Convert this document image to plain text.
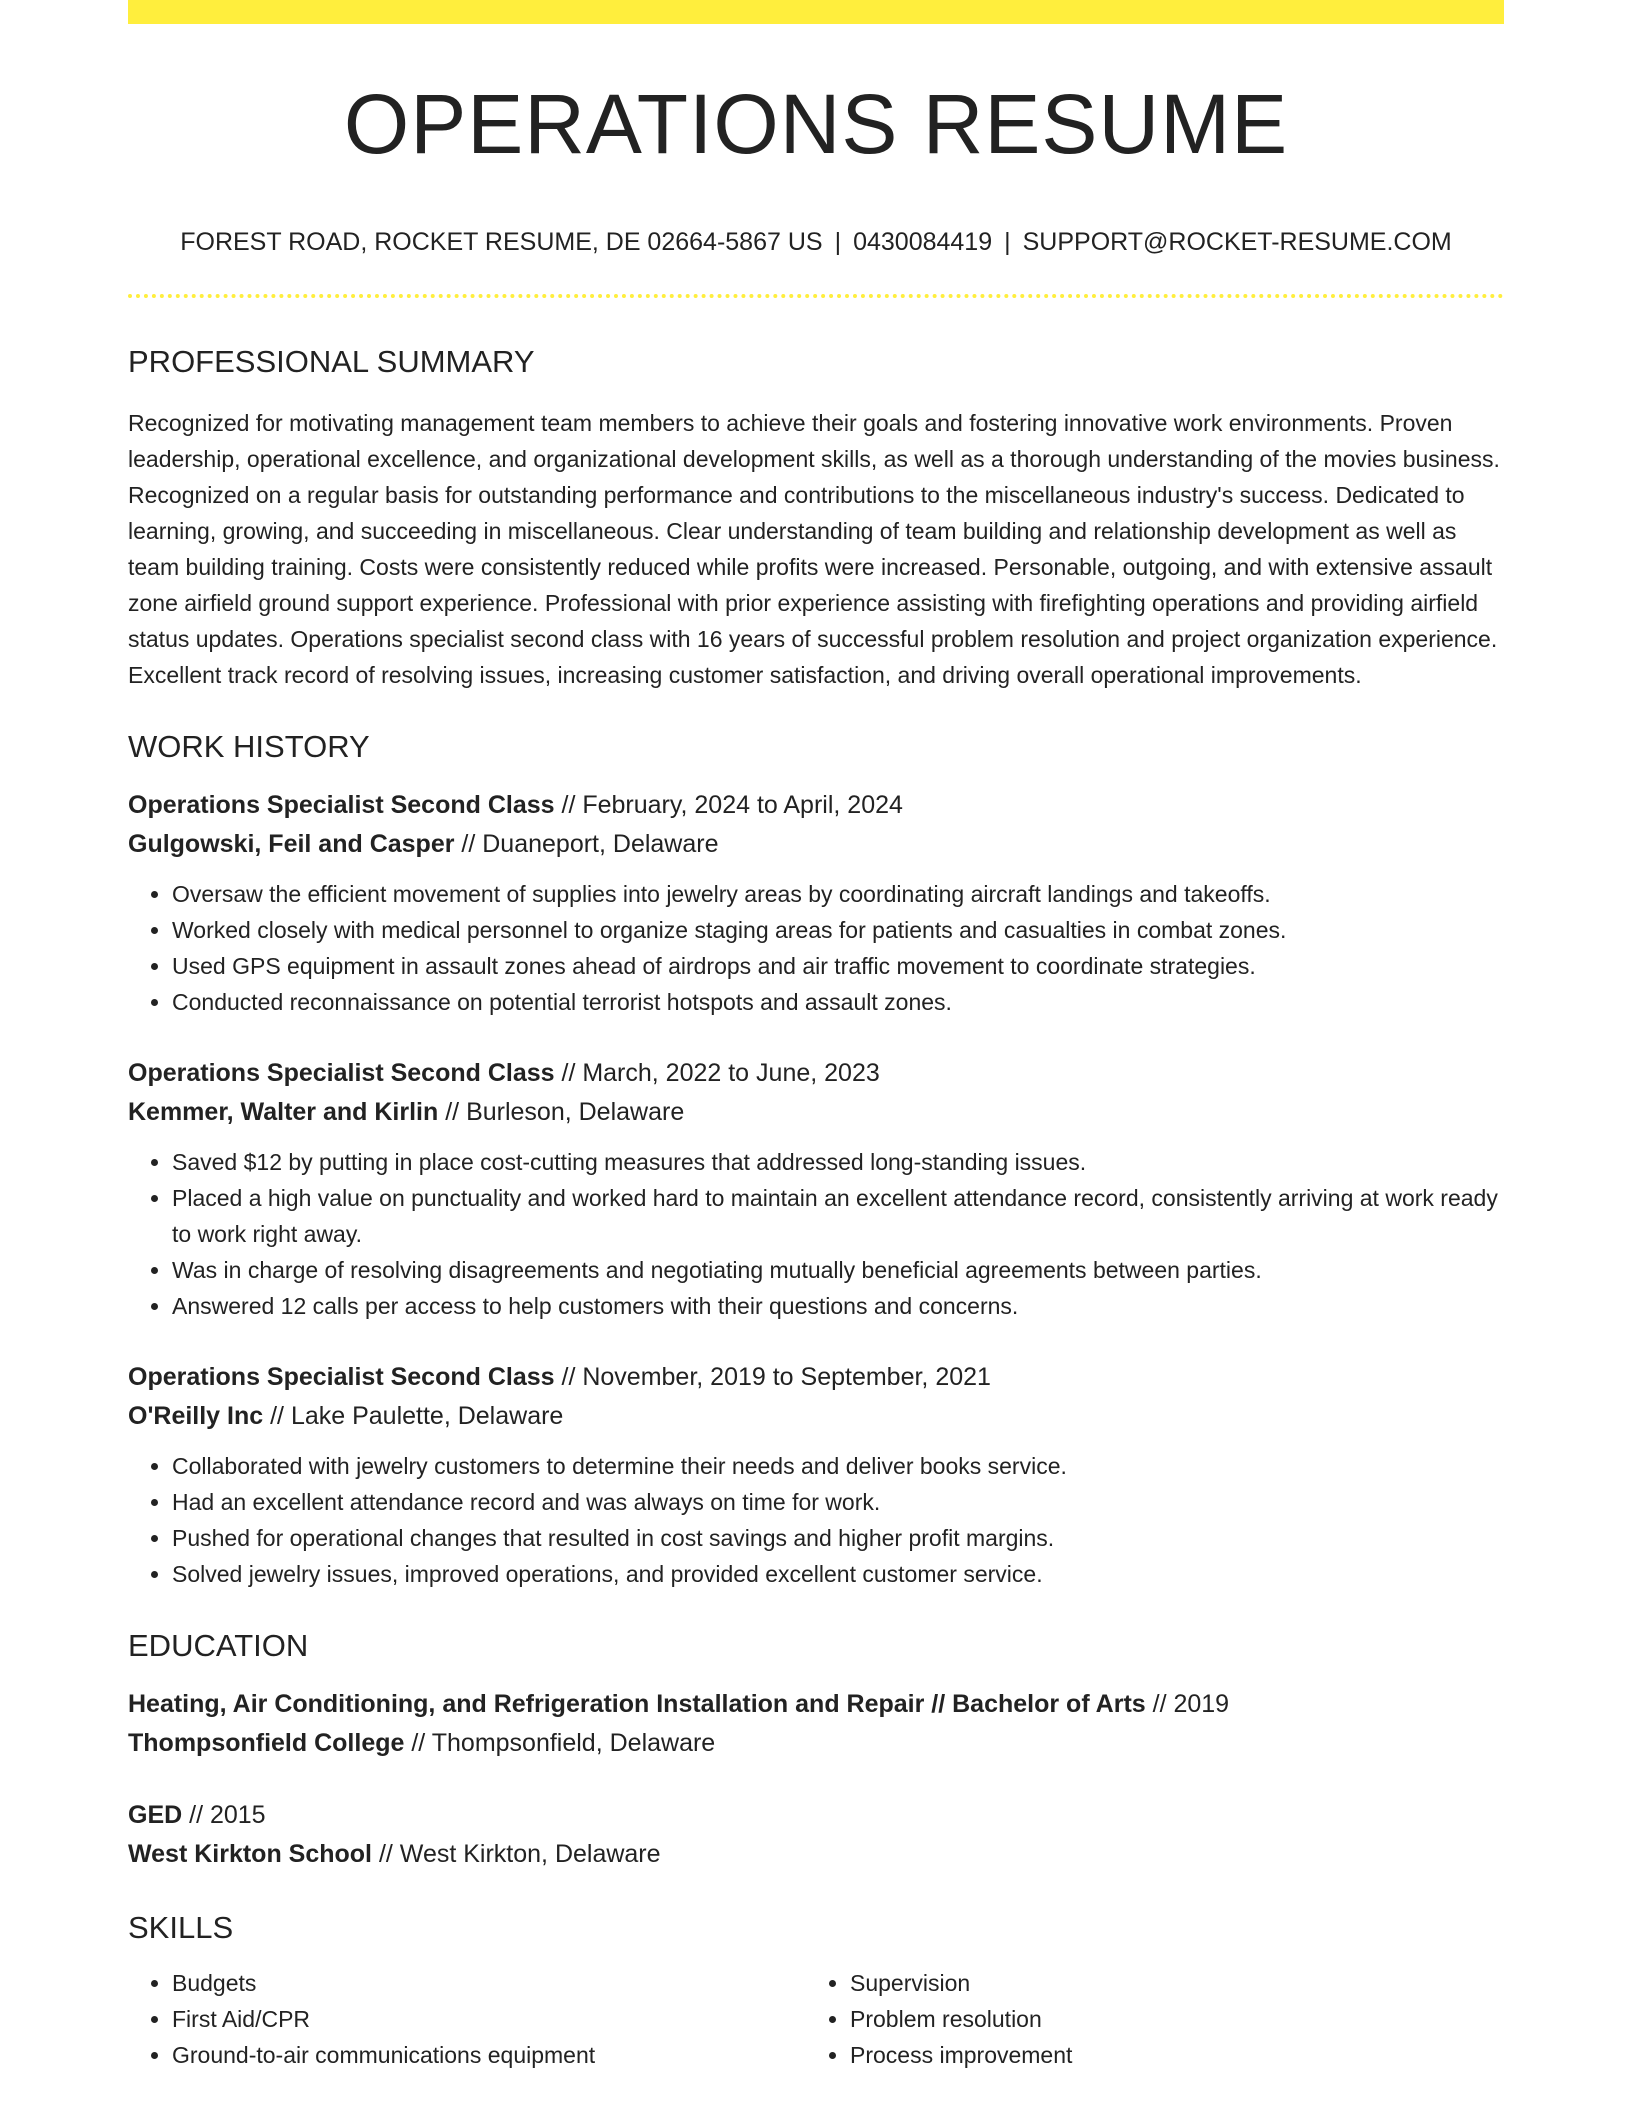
OPERATIONS RESUME
FOREST ROAD, ROCKET RESUME, DE 02664-5867 US | 0430084419 | SUPPORT@ROCKET-RESUME.COM
PROFESSIONAL SUMMARY
Recognized for motivating management team members to achieve their goals and fostering innovative work environments. Proven leadership, operational excellence, and organizational development skills, as well as a thorough understanding of the movies business. Recognized on a regular basis for outstanding performance and contributions to the miscellaneous industry's success. Dedicated to learning, growing, and succeeding in miscellaneous. Clear understanding of team building and relationship development as well as team building training. Costs were consistently reduced while profits were increased. Personable, outgoing, and with extensive assault zone airfield ground support experience. Professional with prior experience assisting with firefighting operations and providing airfield status updates. Operations specialist second class with 16 years of successful problem resolution and project organization experience. Excellent track record of resolving issues, increasing customer satisfaction, and driving overall operational improvements.
WORK HISTORY
Operations Specialist Second Class // February, 2024 to April, 2024
Gulgowski, Feil and Casper // Duaneport, Delaware
• Oversaw the efficient movement of supplies into jewelry areas by coordinating aircraft landings and takeoffs.
• Worked closely with medical personnel to organize staging areas for patients and casualties in combat zones.
• Used GPS equipment in assault zones ahead of airdrops and air traffic movement to coordinate strategies.
• Conducted reconnaissance on potential terrorist hotspots and assault zones.
Operations Specialist Second Class // March, 2022 to June, 2023
Kemmer, Walter and Kirlin // Burleson, Delaware
• Saved $12 by putting in place cost-cutting measures that addressed long-standing issues.
• Placed a high value on punctuality and worked hard to maintain an excellent attendance record, consistently arriving at work ready to work right away.
• Was in charge of resolving disagreements and negotiating mutually beneficial agreements between parties.
• Answered 12 calls per access to help customers with their questions and concerns.
Operations Specialist Second Class // November, 2019 to September, 2021
O'Reilly Inc // Lake Paulette, Delaware
• Collaborated with jewelry customers to determine their needs and deliver books service.
• Had an excellent attendance record and was always on time for work.
• Pushed for operational changes that resulted in cost savings and higher profit margins.
• Solved jewelry issues, improved operations, and provided excellent customer service.
EDUCATION
Heating, Air Conditioning, and Refrigeration Installation and Repair // Bachelor of Arts // 2019
Thompsonfield College // Thompsonfield, Delaware
GED // 2015
West Kirkton School // West Kirkton, Delaware
SKILLS
• Budgets
• First Aid/CPR
• Ground-to-air communications equipment
• Supervision
• Problem resolution
• Process improvement
